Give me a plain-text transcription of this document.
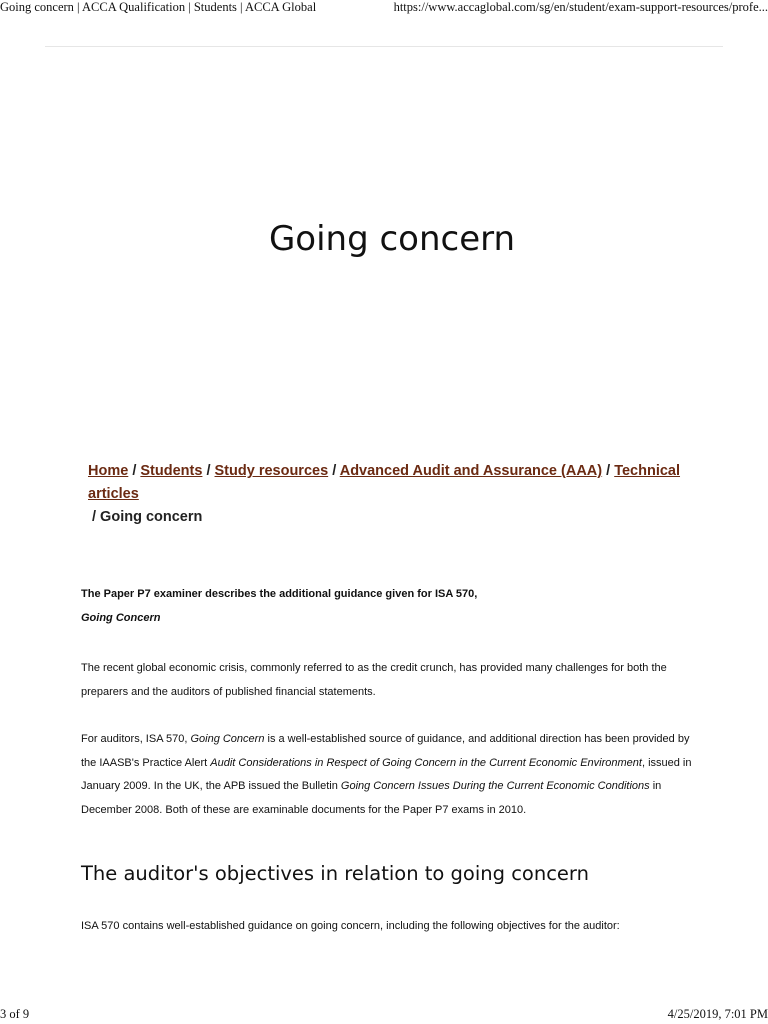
Going concern | ACCA Qualification | Students | ACCA Global	https://www.accaglobal.com/sg/en/student/exam-support-resources/profe...
Going concern
Home / Students / Study resources / Advanced Audit and Assurance (AAA) / Technical articles
/ Going concern
The Paper P7 examiner describes the additional guidance given for ISA 570,
Going Concern

The recent global economic crisis, commonly referred to as the credit crunch, has provided many challenges for both the preparers and the auditors of published financial statements.

For auditors, ISA 570, Going Concern is a well-established source of guidance, and additional direction has been provided by the IAASB's Practice Alert Audit Considerations in Respect of Going Concern in the Current Economic Environment, issued in January 2009. In the UK, the APB issued the Bulletin Going Concern Issues During the Current Economic Conditions in December 2008. Both of these are examinable documents for the Paper P7 exams in 2010.

The auditor's objectives in relation to going concern

ISA 570 contains well-established guidance on going concern, including the following objectives for the auditor:

3 of 9	4/25/2019, 7:01 PM
